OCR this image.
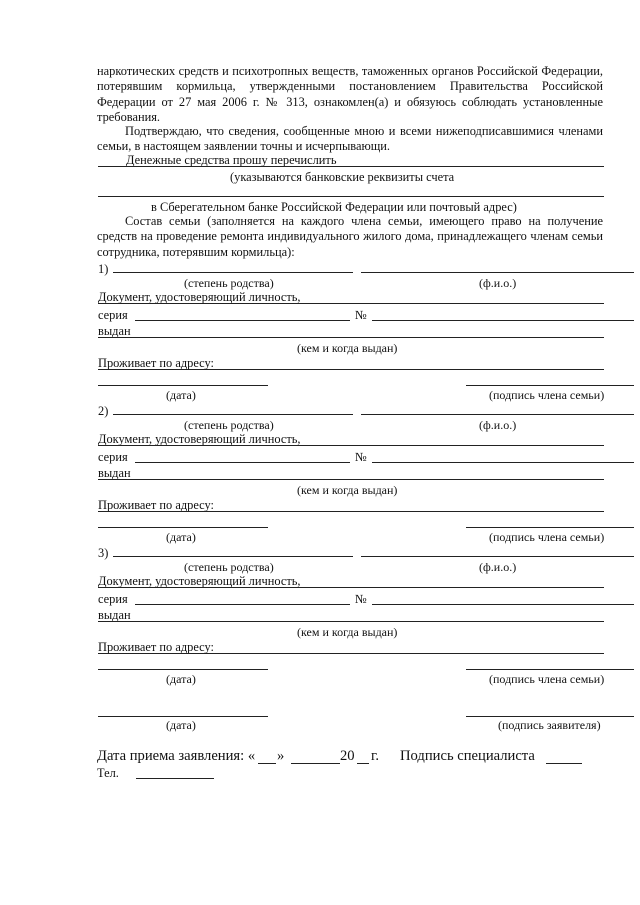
наркотических средств и психотропных веществ, таможенных органов Российской Федерации, потерявшим кормильца, утвержденными постановлением Правительства Российской Федерации от 27 мая 2006 г. № 313, ознакомлен(а) и обязуюсь соблюдать установленные требования.
Подтверждаю, что сведения, сообщенные мною и всеми нижеподписавшимися членами семьи, в настоящем заявлении точны и исчерпывающи.
Денежные средства прошу перечислить
(указываются банковские реквизиты счета
в Сберегательном банке Российской Федерации или почтовый адрес)
Состав семьи (заполняется на каждого члена семьи, имеющего право на получение средств на проведение ремонта индивидуального жилого дома, принадлежащего членам семьи сотрудника, потерявшим кормильца):
1)
(степень родства)	(ф.и.о.)
Документ, удостоверяющий личность,
серия	№
выдан
(кем и когда выдан)
Проживает по адресу:
(дата)	(подпись члена семьи)
2)
(степень родства)	(ф.и.о.)
Документ, удостоверяющий личность,
серия	№
выдан
(кем и когда выдан)
Проживает по адресу:
(дата)	(подпись члена семьи)
3)
(степень родства)	(ф.и.о.)
Документ, удостоверяющий личность,
серия	№
выдан
(кем и когда выдан)
Проживает по адресу:
(дата)	(подпись члена семьи)
(дата)	(подпись заявителя)
Дата приема заявления: « »	20 г. Подпись специалиста
Тел.
